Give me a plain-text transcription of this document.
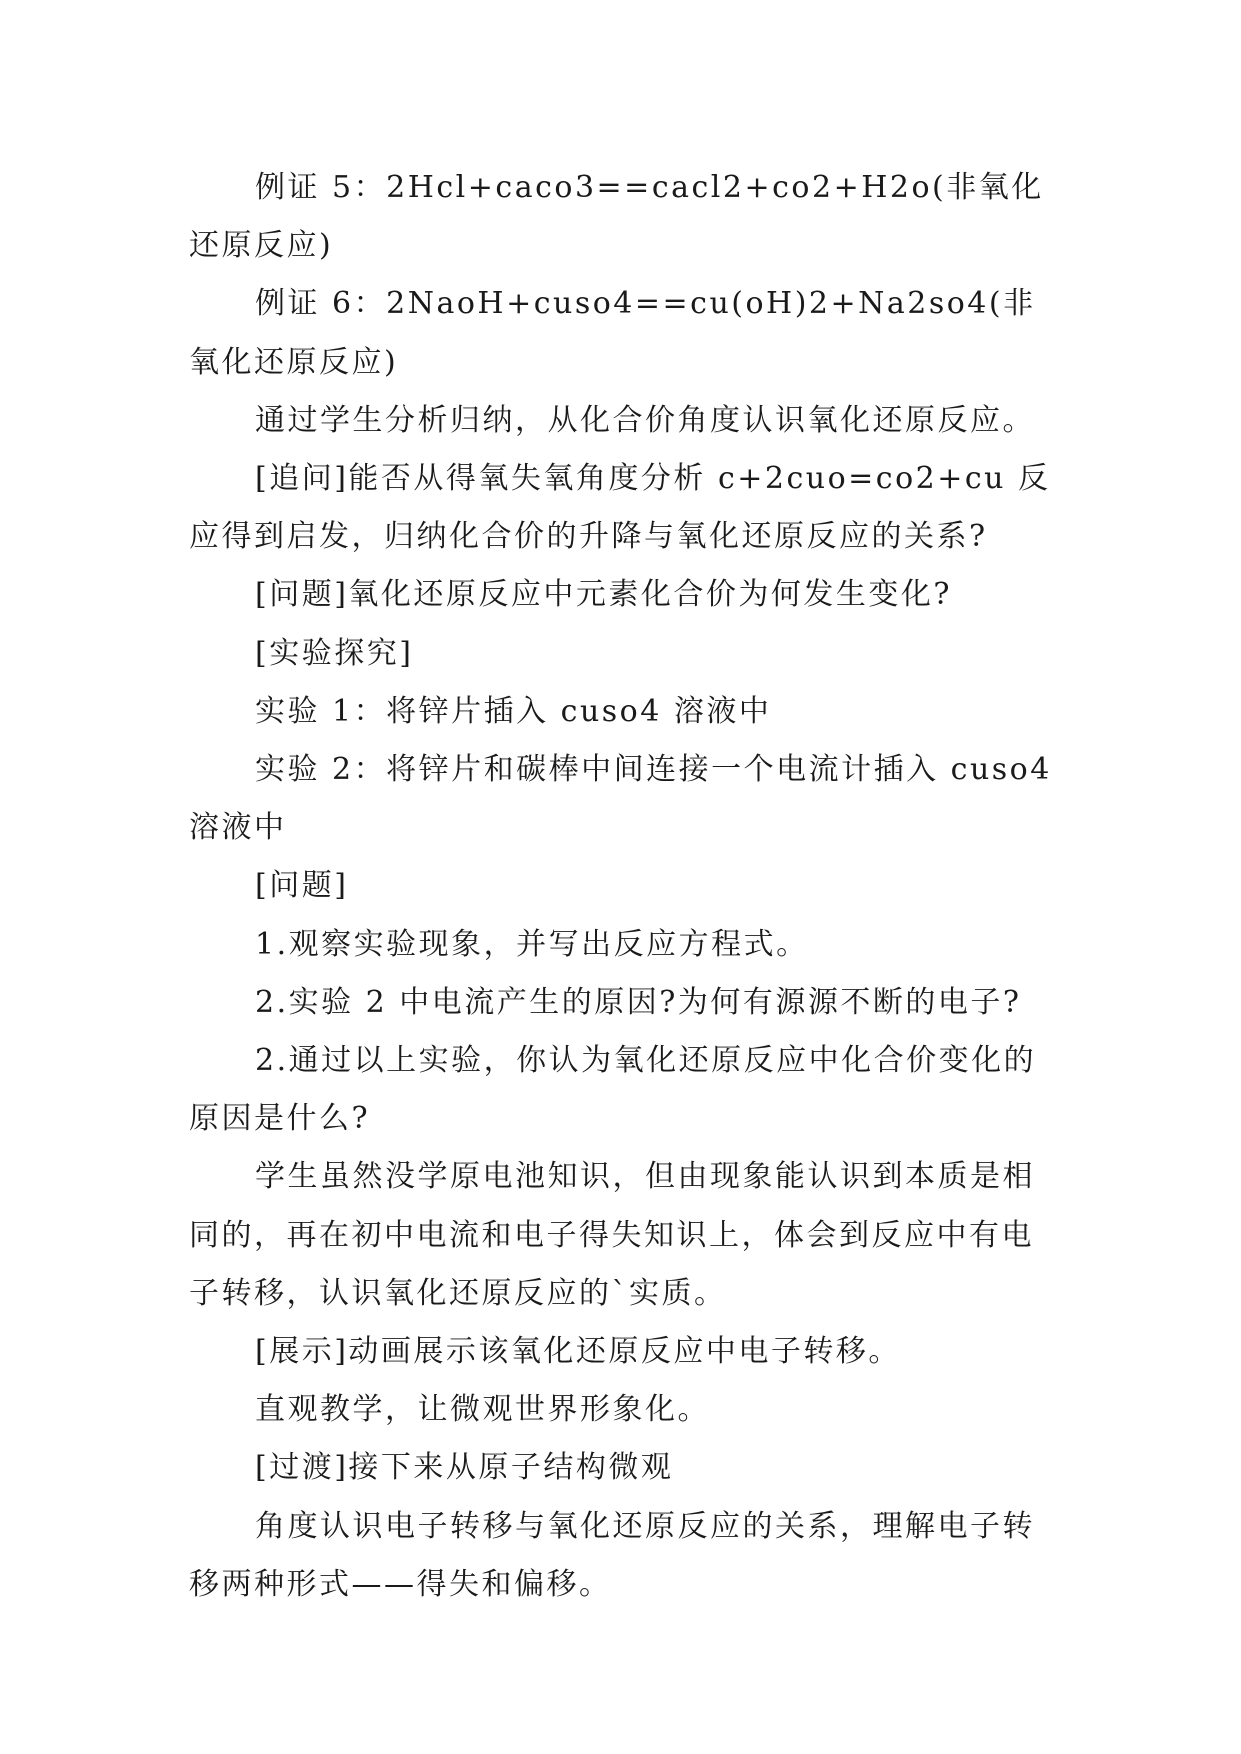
例证 5：2Hcl+caco3==cacl2+co2+H2o(非氧化还原反应)

例证 6：2NaoH+cuso4==cu(oH)2+Na2so4(非氧化还原反应)

通过学生分析归纳，从化合价角度认识氧化还原反应。

[追问]能否从得氧失氧角度分析 c+2cuo=co2+cu 反应得到启发，归纳化合价的升降与氧化还原反应的关系?

[问题]氧化还原反应中元素化合价为何发生变化?

[实验探究]

实验 1：将锌片插入 cuso4 溶液中

实验 2：将锌片和碳棒中间连接一个电流计插入 cuso4 溶液中

[问题]

1.观察实验现象，并写出反应方程式。

2.实验 2 中电流产生的原因?为何有源源不断的电子?

2.通过以上实验，你认为氧化还原反应中化合价变化的原因是什么?

学生虽然没学原电池知识，但由现象能认识到本质是相同的，再在初中电流和电子得失知识上，体会到反应中有电子转移，认识氧化还原反应的`实质。

[展示]动画展示该氧化还原反应中电子转移。

直观教学，让微观世界形象化。

[过渡]接下来从原子结构微观

角度认识电子转移与氧化还原反应的关系，理解电子转移两种形式——得失和偏移。
